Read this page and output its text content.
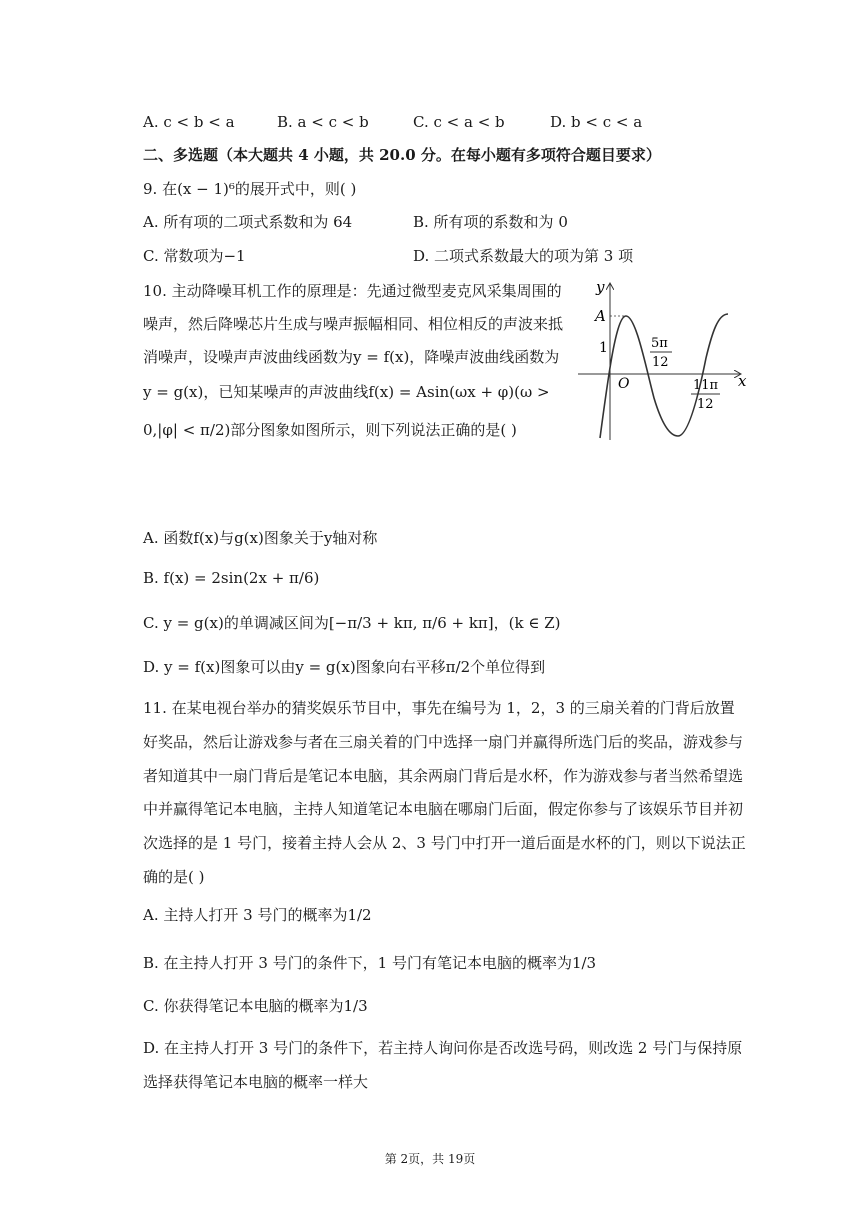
A. c < b < a	B. a < c < b	C. c < a < b	D. b < c < a
二、多选题（本大题共 4 小题，共 20.0 分。在每小题有多项符合题目要求）
9. 在(x − 1)⁶的展开式中，则( )
A. 所有项的二项式系数和为 64	B. 所有项的系数和为 0
C. 常数项为−1	D. 二项式系数最大的项为第 3 项
10. 主动降噪耳机工作的原理是：先通过微型麦克风采集周围的
噪声，然后降噪芯片生成与噪声振幅相同、相位相反的声波来抵
消噪声，设噪声声波曲线函数为y = f(x)，降噪声波曲线函数为
y = g(x)，已知某噪声的声波曲线f(x) = Asin(ωx + φ)(ω >
0,|φ| < π/2)部分图象如图所示，则下列说法正确的是( )
y
x
A
1
O
5π
12
11π
12
A. 函数f(x)与g(x)图象关于y轴对称
B. f(x) = 2sin(2x + π/6)
C. y = g(x)的单调减区间为[−π/3 + kπ, π/6 + kπ]，(k ∈ Z)
D. y = f(x)图象可以由y = g(x)图象向右平移π/2个单位得到
11. 在某电视台举办的猜奖娱乐节目中，事先在编号为 1，2，3 的三扇关着的门背后放置
好奖品，然后让游戏参与者在三扇关着的门中选择一扇门并赢得所选门后的奖品，游戏参与
者知道其中一扇门背后是笔记本电脑，其余两扇门背后是水杯，作为游戏参与者当然希望选
中并赢得笔记本电脑，主持人知道笔记本电脑在哪扇门后面，假定你参与了该娱乐节目并初
次选择的是 1 号门，接着主持人会从 2、3 号门中打开一道后面是水杯的门，则以下说法正
确的是( )
A. 主持人打开 3 号门的概率为1/2
B. 在主持人打开 3 号门的条件下，1 号门有笔记本电脑的概率为1/3
C. 你获得笔记本电脑的概率为1/3
D. 在主持人打开 3 号门的条件下，若主持人询问你是否改选号码，则改选 2 号门与保持原
选择获得笔记本电脑的概率一样大
第 2页，共 19页
